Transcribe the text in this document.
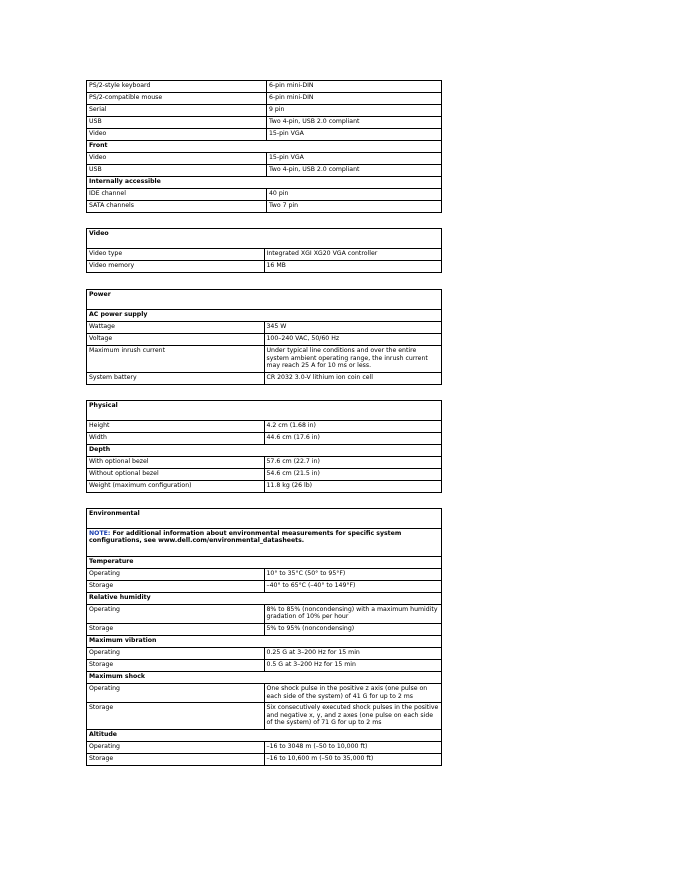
PS/2-style keyboard	6-pin mini-DIN
PS/2-compatible mouse	6-pin mini-DIN
Serial	9 pin
USB	Two 4-pin, USB 2.0 compliant
Video	15-pin VGA
Front	
Video	15-pin VGA
USB	Two 4-pin, USB 2.0 compliant
Internally accessible	
IDE channel	40 pin
SATA channels	Two 7 pin
Video	
Video type	Integrated XGI XG20 VGA controller
Video memory	16 MB
Power	
AC power supply	
Wattage	345 W
Voltage	100–240 VAC, 50/60 Hz
Maximum inrush current	Under typical line conditions and over the entire system ambient operating range, the inrush current may reach 25 A for 10 ms or less.
System battery	CR 2032 3.0-V lithium ion coin cell
Physical	
Height	4.2 cm (1.68 in)
Width	44.6 cm (17.6 in)
Depth	
With optional bezel	57.6 cm (22.7 in)
Without optional bezel	54.6 cm (21.5 in)
Weight (maximum configuration)	11.8 kg (26 lb)
Environmental	
NOTE: For additional information about environmental measurements for specific system configurations, see www.dell.com/environmental_datasheets.	
Temperature	
Operating	10° to 35°C (50° to 95°F)
Storage	–40° to 65°C (–40° to 149°F)
Relative humidity	
Operating	8% to 85% (noncondensing) with a maximum humidity gradation of 10% per hour
Storage	5% to 95% (noncondensing)
Maximum vibration	
Operating	0.25 G at 3–200 Hz for 15 min
Storage	0.5 G at 3–200 Hz for 15 min
Maximum shock	
Operating	One shock pulse in the positive z axis (one pulse on each side of the system) of 41 G for up to 2 ms
Storage	Six consecutively executed shock pulses in the positive and negative x, y, and z axes (one pulse on each side of the system) of 71 G for up to 2 ms
Altitude	
Operating	–16 to 3048 m (–50 to 10,000 ft)
Storage	–16 to 10,600 m (–50 to 35,000 ft)
